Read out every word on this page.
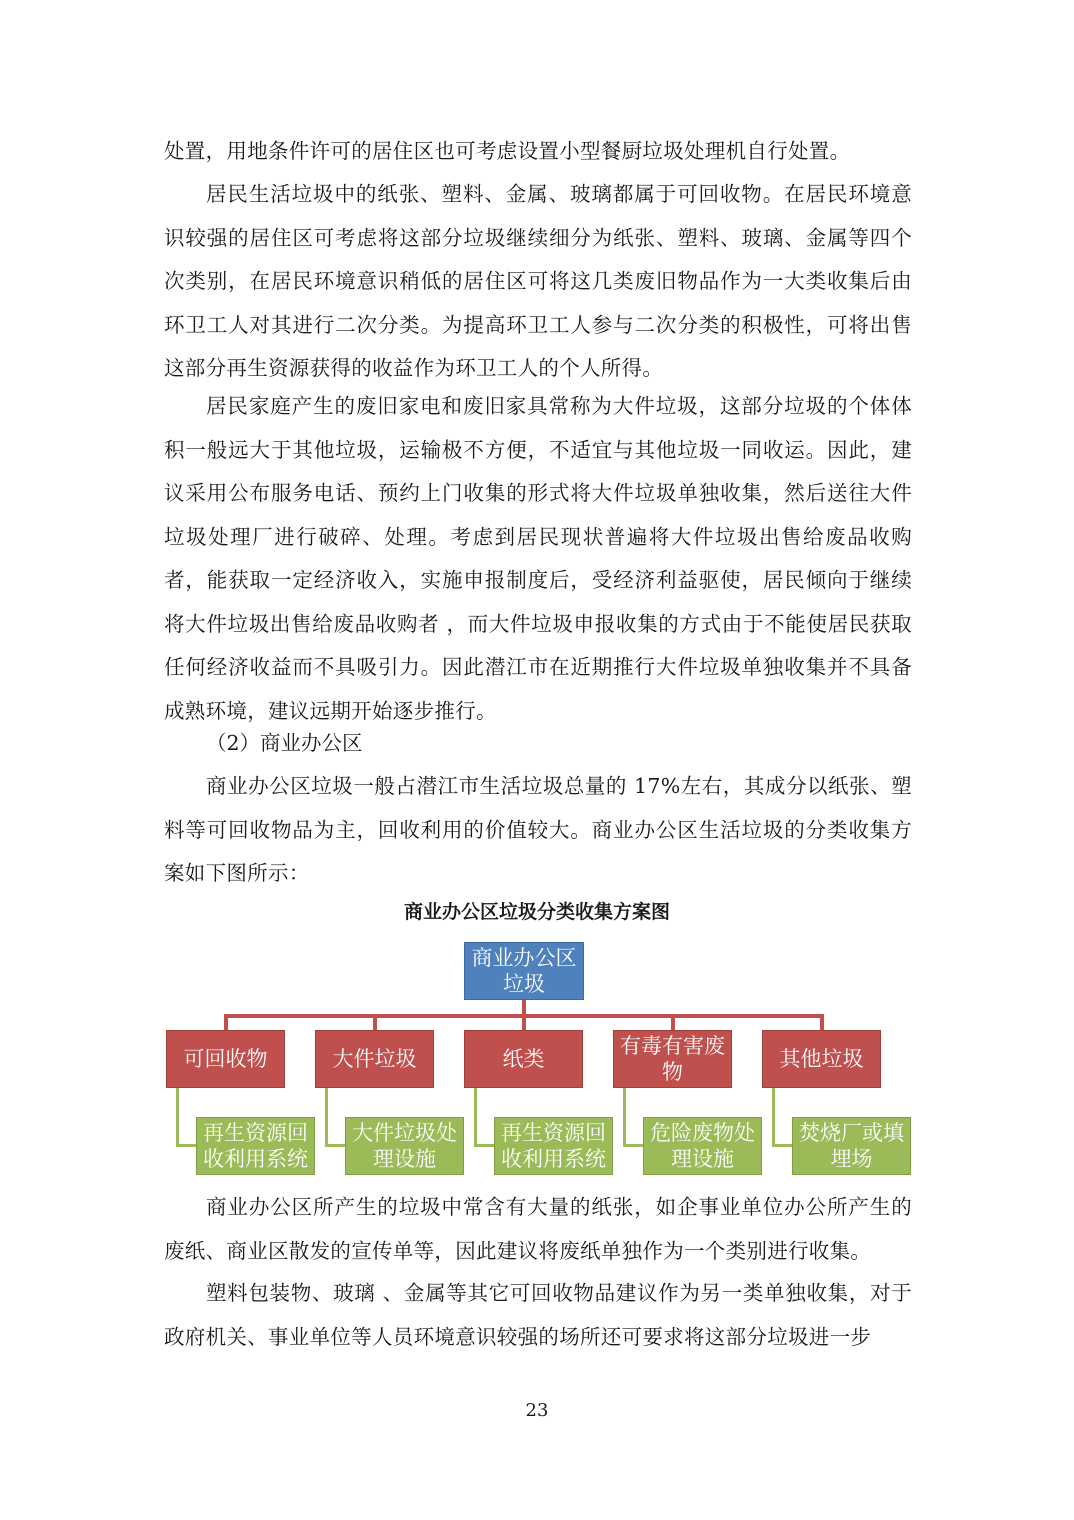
处置，用地条件许可的居住区也可考虑设置小型餐厨垃圾处理机自行处置。

居民生活垃圾中的纸张、塑料、金属、玻璃都属于可回收物。在居民环境意识较强的居住区可考虑将这部分垃圾继续细分为纸张、塑料、玻璃、金属等四个次类别，在居民环境意识稍低的居住区可将这几类废旧物品作为一大类收集后由环卫工人对其进行二次分类。为提高环卫工人参与二次分类的积极性，可将出售这部分再生资源获得的收益作为环卫工人的个人所得。

居民家庭产生的废旧家电和废旧家具常称为大件垃圾，这部分垃圾的个体体积一般远大于其他垃圾，运输极不方便，不适宜与其他垃圾一同收运。因此，建议采用公布服务电话、预约上门收集的形式将大件垃圾单独收集，然后送往大件垃圾处理厂进行破碎、处理。考虑到居民现状普遍将大件垃圾出售给废品收购者，能获取一定经济收入，实施申报制度后，受经济利益驱使，居民倾向于继续将大件垃圾出售给废品收购者 ，而大件垃圾申报收集的方式由于不能使居民获取任何经济收益而不具吸引力。因此潜江市在近期推行大件垃圾单独收集并不具备成熟环境，建议远期开始逐步推行。

（2）商业办公区

商业办公区垃圾一般占潜江市生活垃圾总量的 17%左右，其成分以纸张、塑料等可回收物品为主，回收利用的价值较大。商业办公区生活垃圾的分类收集方案如下图所示：

商业办公区垃圾分类收集方案图
商业办公区垃圾
可回收物	大件垃圾	纸类
有毒有害废物
其他垃圾
再生资源回收利用系统
大件垃圾处理设施
再生资源回收利用系统
危险废物处理设施
焚烧厂或填埋场

商业办公区所产生的垃圾中常含有大量的纸张，如企事业单位办公所产生的废纸、商业区散发的宣传单等，因此建议将废纸单独作为一个类别进行收集。

塑料包装物、玻璃 、金属等其它可回收物品建议作为另一类单独收集，对于政府机关、事业单位等人员环境意识较强的场所还可要求将这部分垃圾进一步

23
